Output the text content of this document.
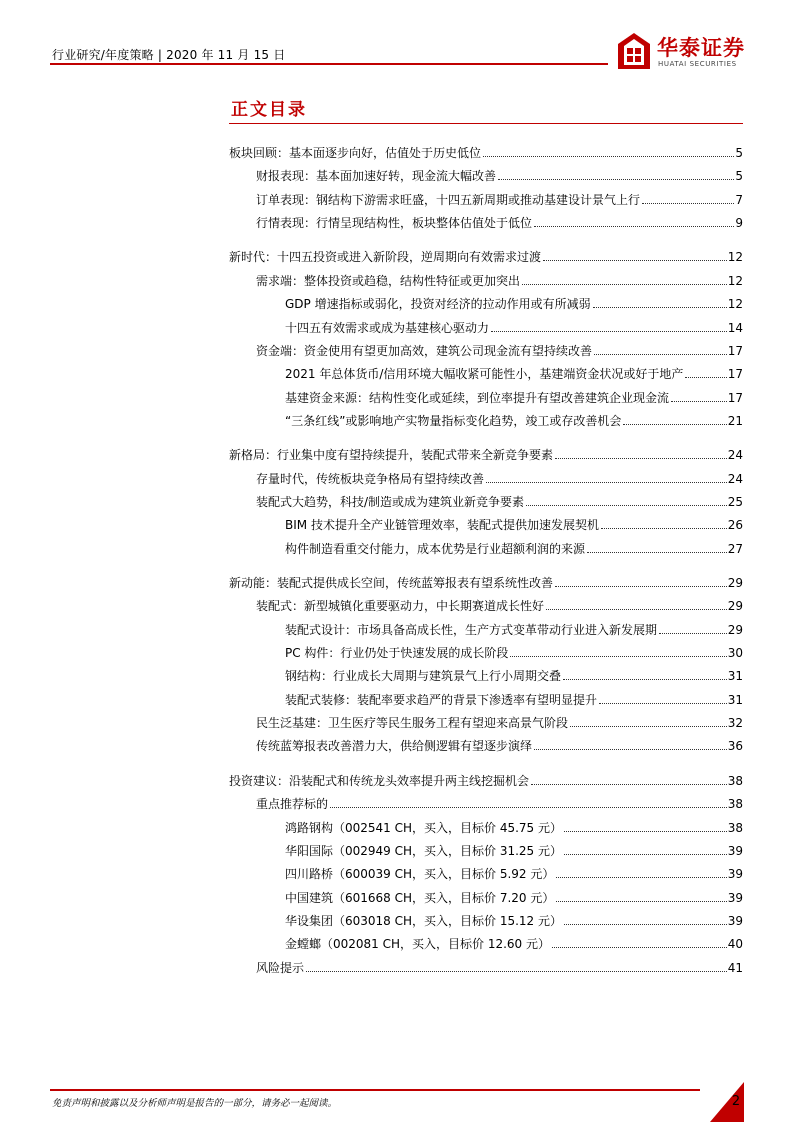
行业研究/年度策略 | 2020 年 11 月 15 日	华泰证券
HUATAI SECURITIES
正文目录
板块回顾：基本面逐步向好，估值处于历史低位	5
财报表现：基本面加速好转，现金流大幅改善	5
订单表现：钢结构下游需求旺盛，十四五新周期或推动基建设计景气上行	7
行情表现：行情呈现结构性，板块整体估值处于低位	9
新时代：十四五投资或进入新阶段，逆周期向有效需求过渡	12
需求端：整体投资或趋稳，结构性特征或更加突出	12
GDP 增速指标或弱化，投资对经济的拉动作用或有所减弱	12
十四五有效需求或成为基建核心驱动力	14
资金端：资金使用有望更加高效，建筑公司现金流有望持续改善	17
2021 年总体货币/信用环境大幅收紧可能性小，基建端资金状况或好于地产	17
基建资金来源：结构性变化或延续，到位率提升有望改善建筑企业现金流	17
“三条红线”或影响地产实物量指标变化趋势，竣工或存改善机会	21
新格局：行业集中度有望持续提升，装配式带来全新竞争要素	24
存量时代，传统板块竞争格局有望持续改善	24
装配式大趋势，科技/制造或成为建筑业新竞争要素	25
BIM 技术提升全产业链管理效率，装配式提供加速发展契机	26
构件制造看重交付能力，成本优势是行业超额利润的来源	27
新动能：装配式提供成长空间，传统蓝筹报表有望系统性改善	29
装配式：新型城镇化重要驱动力，中长期赛道成长性好	29
装配式设计：市场具备高成长性，生产方式变革带动行业进入新发展期	29
PC 构件：行业仍处于快速发展的成长阶段	30
钢结构：行业成长大周期与建筑景气上行小周期交叠	31
装配式装修：装配率要求趋严的背景下渗透率有望明显提升	31
民生泛基建：卫生医疗等民生服务工程有望迎来高景气阶段	32
传统蓝筹报表改善潜力大，供给侧逻辑有望逐步演绎	36
投资建议：沿装配式和传统龙头效率提升两主线挖掘机会	38
重点推荐标的	38
鸿路钢构（002541 CH，买入，目标价 45.75 元）	38
华阳国际（002949 CH，买入，目标价 31.25 元）	39
四川路桥（600039 CH，买入，目标价 5.92 元）	39
中国建筑（601668 CH，买入，目标价 7.20 元）	39
华设集团（603018 CH，买入，目标价 15.12 元）	39
金螳螂（002081 CH，买入，目标价 12.60 元）	40
风险提示	41
免责声明和披露以及分析师声明是报告的一部分，请务必一起阅读。	2
